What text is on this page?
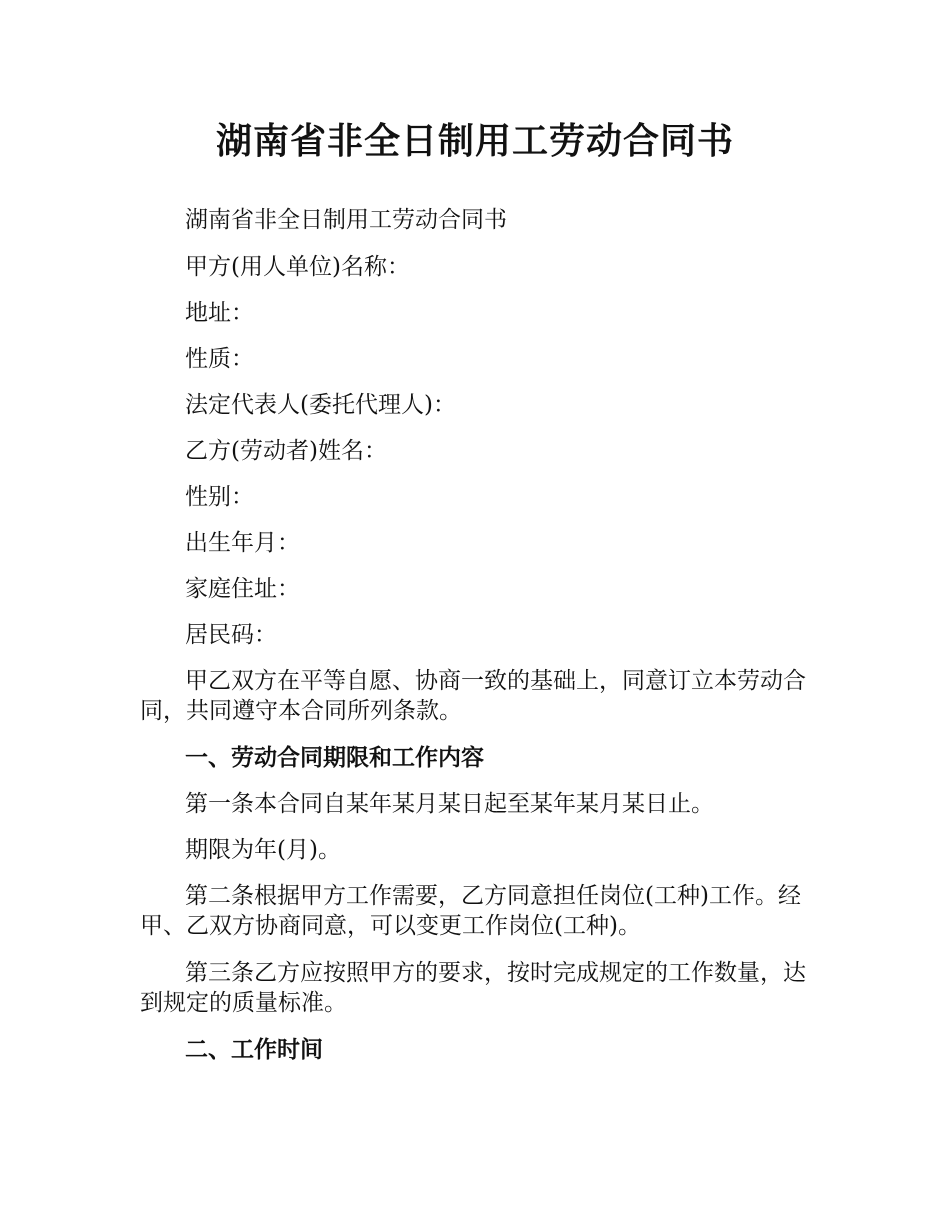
湖南省非全日制用工劳动合同书

湖南省非全日制用工劳动合同书

甲方(用人单位)名称：

地址：

性质：

法定代表人(委托代理人)：

乙方(劳动者)姓名：

性别：

出生年月：

家庭住址：

居民码：

甲乙双方在平等自愿、协商一致的基础上，同意订立本劳动合同，共同遵守本合同所列条款。

一、劳动合同期限和工作内容

第一条本合同自某年某月某日起至某年某月某日止。

期限为年(月)。

第二条根据甲方工作需要，乙方同意担任岗位(工种)工作。经甲、乙双方协商同意，可以变更工作岗位(工种)。

第三条乙方应按照甲方的要求，按时完成规定的工作数量，达到规定的质量标准。

二、工作时间
